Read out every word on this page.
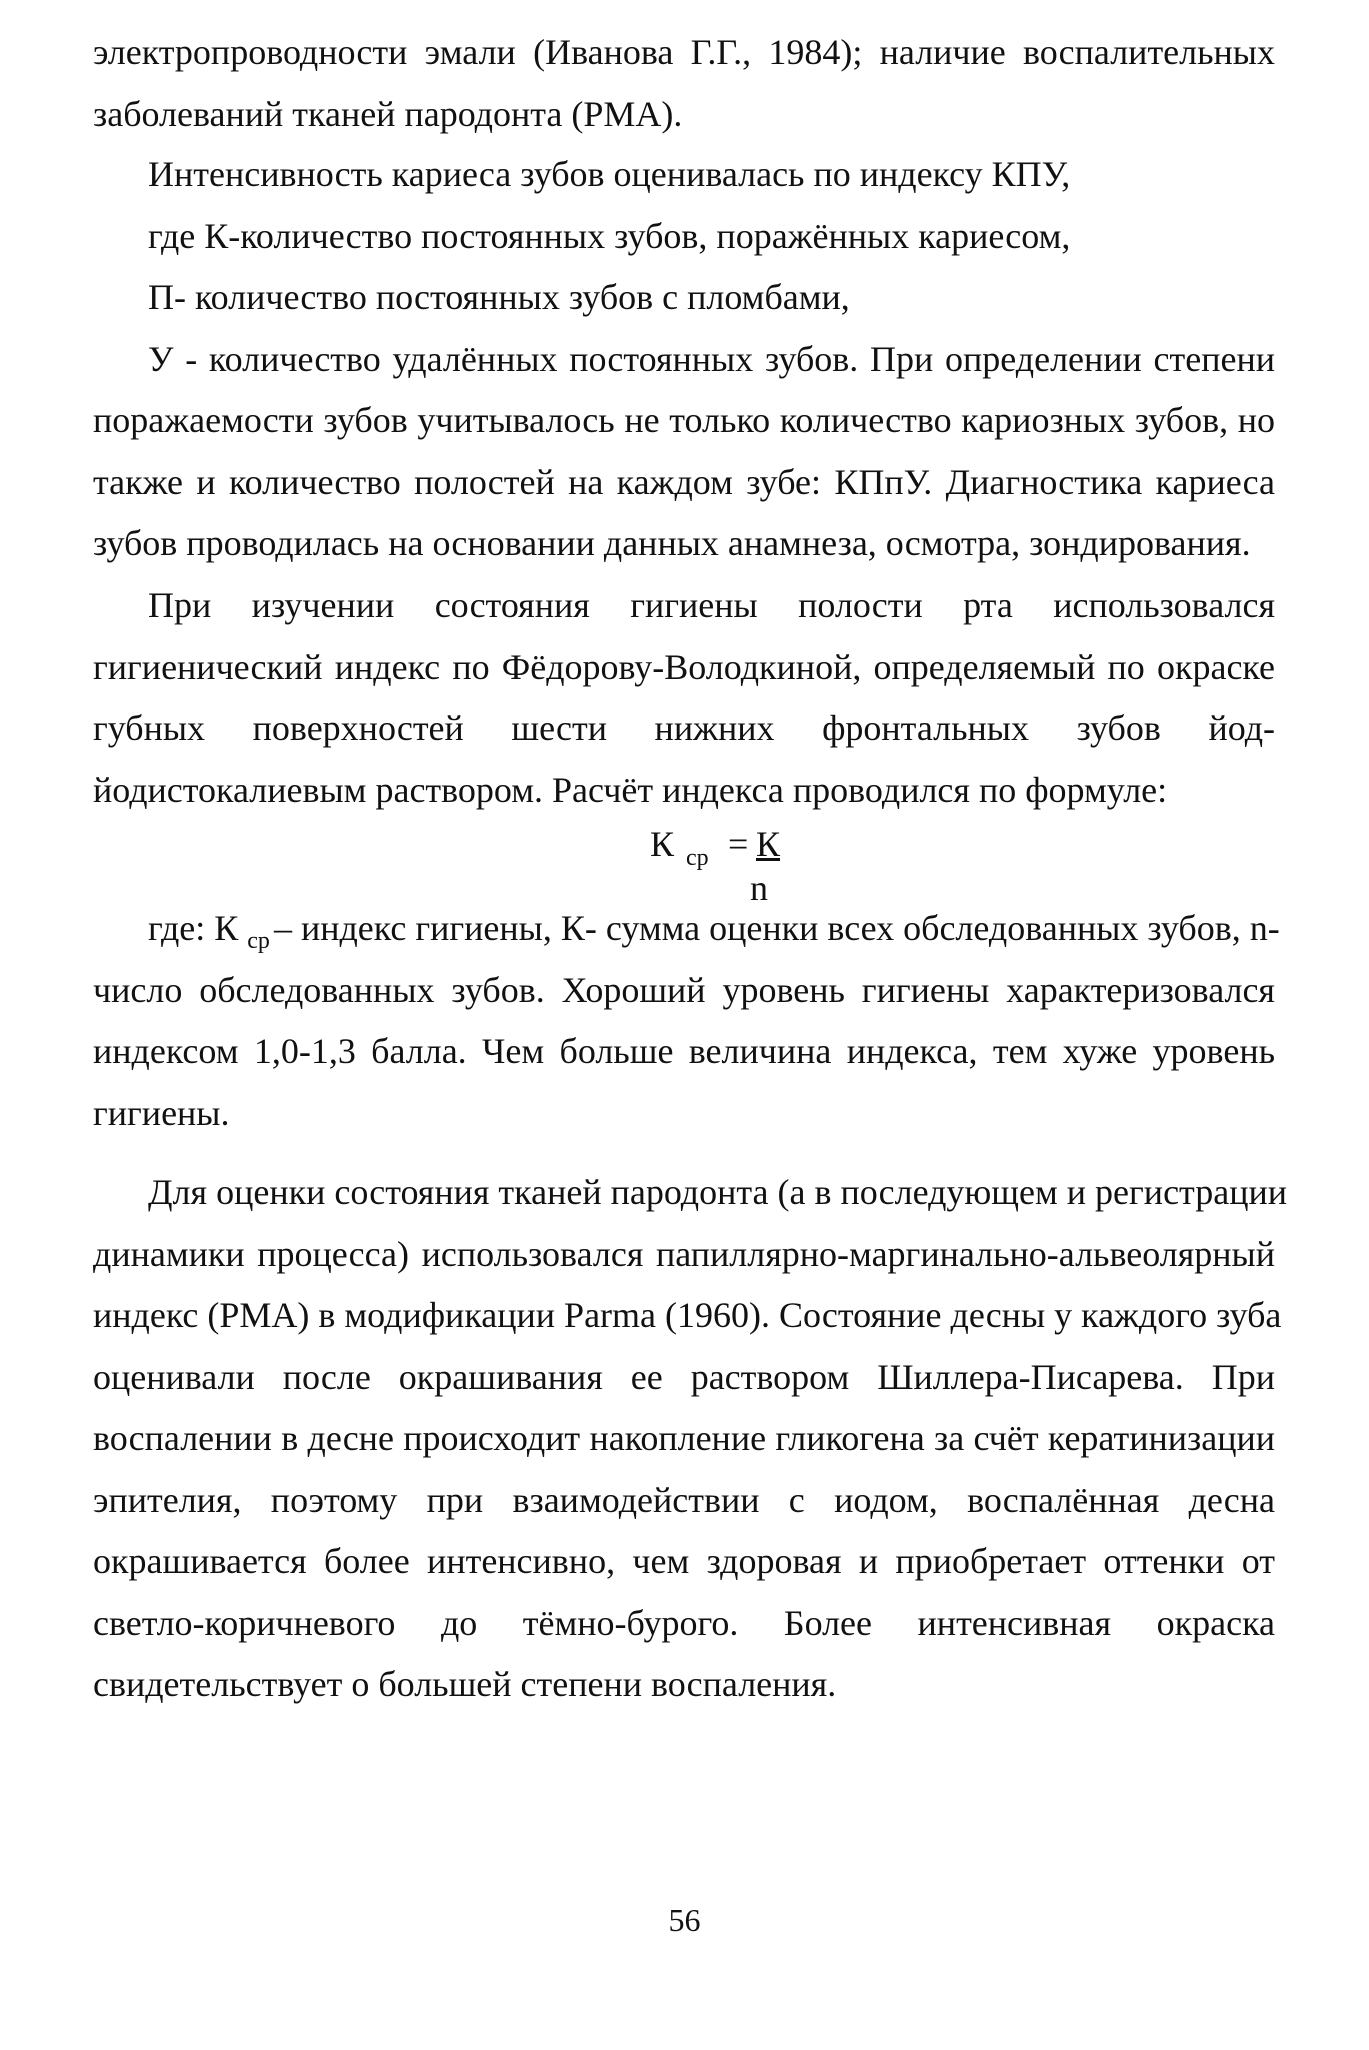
электропроводности эмали (Иванова Г.Г., 1984); наличие воспалительных
заболеваний тканей пародонта (РМА).
Интенсивность кариеса зубов оценивалась по индексу КПУ,
где К-количество постоянных зубов, поражённых кариесом,
П- количество постоянных зубов с пломбами,
У - количество удалённых постоянных зубов. При определении степени
поражаемости зубов учитывалось не только количество кариозных зубов, но
также и количество полостей на каждом зубе: КПпУ. Диагностика кариеса
зубов проводилась на основании данных анамнеза, осмотра, зондирования.
При изучении состояния гигиены полости рта использовался
гигиенический индекс по Фёдорову-Володкиной, определяемый по окраске
губных поверхностей шести нижних фронтальных зубов йод-
йодистокалиевым раствором. Расчёт индекса проводился по формуле:
К ср = К
n
где: К $_{ср}$ – индекс гигиены, К- сумма оценки всех обследованных зубов, n-
число обследованных зубов. Хороший уровень гигиены характеризовался
индексом 1,0-1,3 балла. Чем больше величина индекса, тем хуже уровень
гигиены.
Для оценки состояния тканей пародонта (а в последующем и регистрации
динамики процесса) использовался папиллярно-маргинально-альвеолярный
индекс (РМА) в модификации Parma (1960). Состояние десны у каждого зуба
оценивали после окрашивания ее раствором Шиллера-Писарева. При
воспалении в десне происходит накопление гликогена за счёт кератинизации
эпителия, поэтому при взаимодействии с иодом, воспалённая десна
окрашивается более интенсивно, чем здоровая и приобретает оттенки от
светло-коричневого до тёмно-бурого. Более интенсивная окраска
свидетельствует о большей степени воспаления.
56
